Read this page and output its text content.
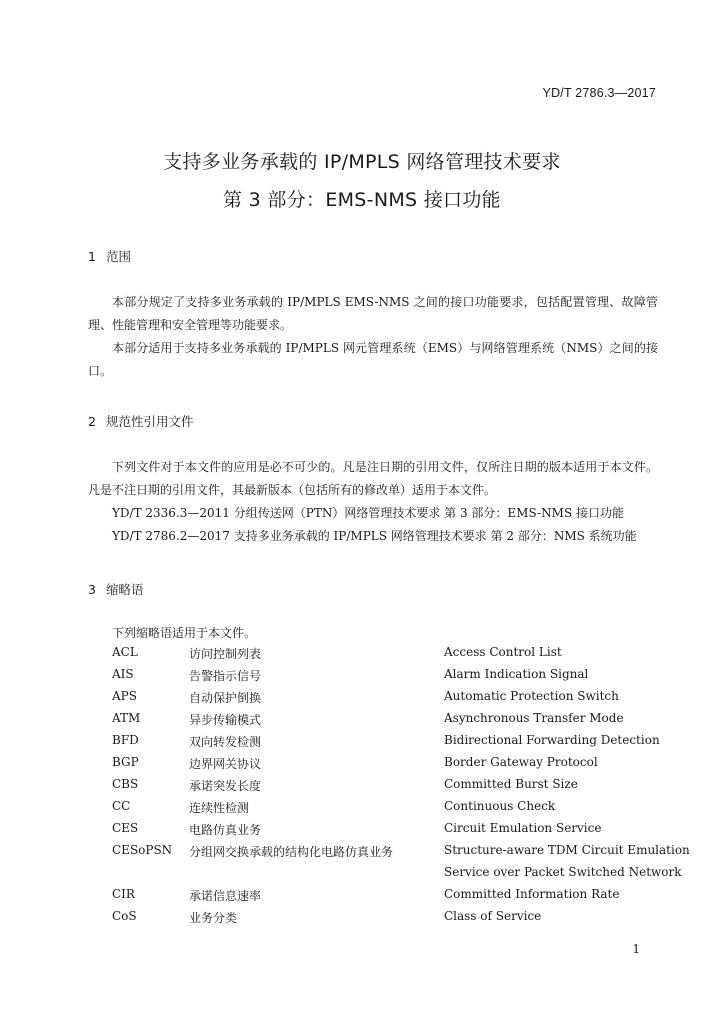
YD/T 2786.3—2017
支持多业务承载的 IP/MPLS 网络管理技术要求
第 3 部分：EMS-NMS 接口功能
1 范围
本部分规定了支持多业务承载的 IP/MPLS EMS-NMS 之间的接口功能要求，包括配置管理、故障管理、性能管理和安全管理等功能要求。
本部分适用于支持多业务承载的 IP/MPLS 网元管理系统（EMS）与网络管理系统（NMS）之间的接口。
2 规范性引用文件
下列文件对于本文件的应用是必不可少的。凡是注日期的引用文件，仅所注日期的版本适用于本文件。凡是不注日期的引用文件，其最新版本（包括所有的修改单）适用于本文件。
YD/T 2336.3—2011 分组传送网（PTN）网络管理技术要求 第 3 部分：EMS-NMS 接口功能
YD/T 2786.2—2017 支持多业务承载的 IP/MPLS 网络管理技术要求 第 2 部分：NMS 系统功能
3 缩略语
下列缩略语适用于本文件。
ACL	访问控制列表	Access Control List
AIS	告警指示信号	Alarm Indication Signal
APS	自动保护倒换	Automatic Protection Switch
ATM	异步传输模式	Asynchronous Transfer Mode
BFD	双向转发检测	Bidirectional Forwarding Detection
BGP	边界网关协议	Border Gateway Protocol
CBS	承诺突发长度	Committed Burst Size
CC	连续性检测	Continuous Check
CES	电路仿真业务	Circuit Emulation Service
CESoPSN 分组网交换承载的结构化电路仿真业务	Structure-aware TDM Circuit Emulation
Service over Packet Switched Network
CIR	承诺信息速率	Committed Information Rate
CoS	业务分类	Class of Service
1
